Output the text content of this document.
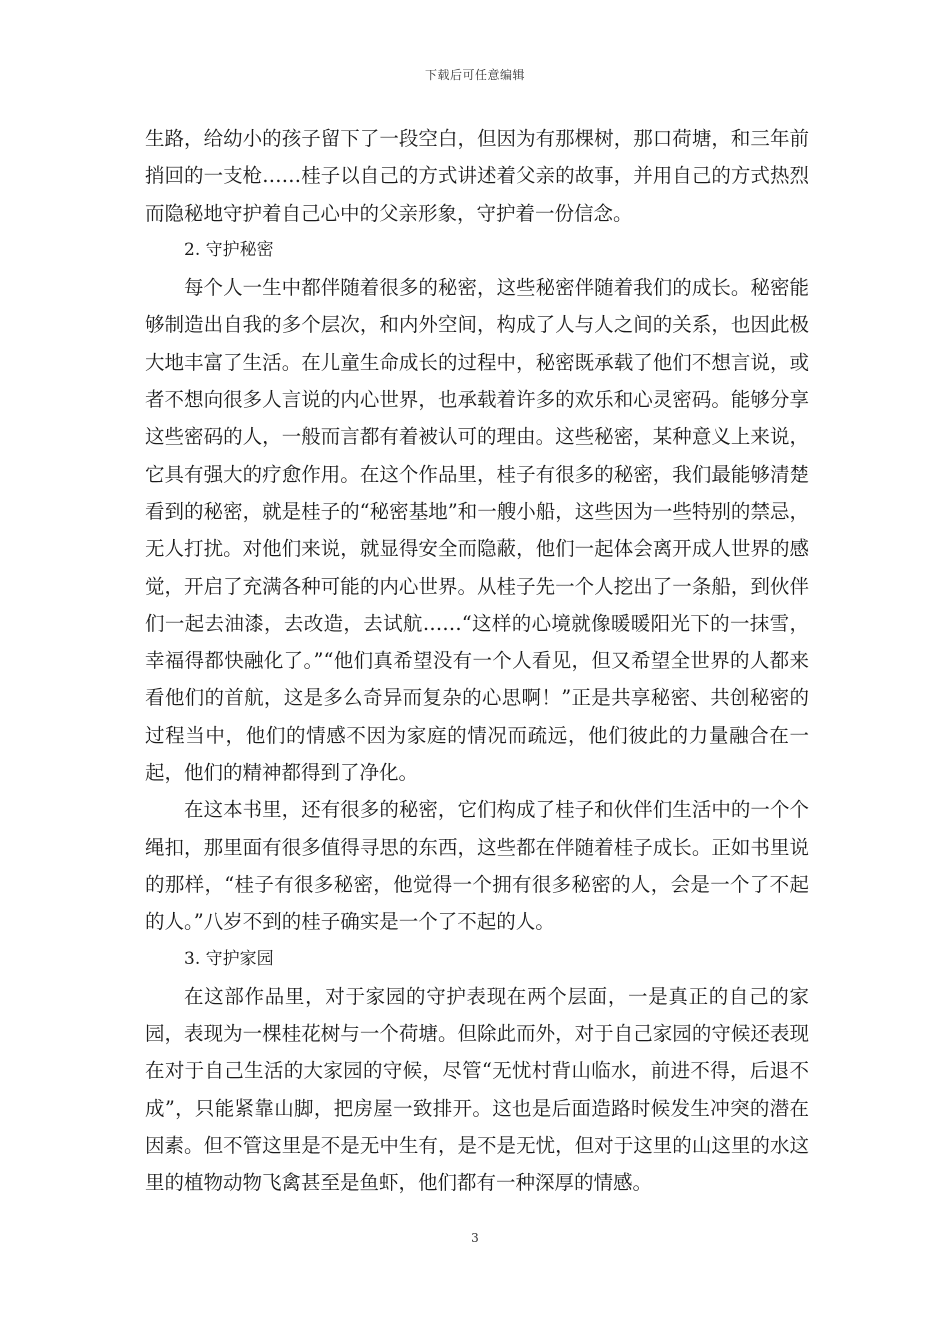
下载后可任意编辑

生路，给幼小的孩子留下了一段空白，但因为有那棵树，那口荷塘，和三年前捎回的一支枪……桂子以自己的方式讲述着父亲的故事，并用自己的方式热烈而隐秘地守护着自己心中的父亲形象，守护着一份信念。

2. 守护秘密

每个人一生中都伴随着很多的秘密，这些秘密伴随着我们的成长。秘密能够制造出自我的多个层次，和内外空间，构成了人与人之间的关系，也因此极大地丰富了生活。在儿童生命成长的过程中，秘密既承载了他们不想言说，或者不想向很多人言说的内心世界，也承载着许多的欢乐和心灵密码。能够分享这些密码的人，一般而言都有着被认可的理由。这些秘密，某种意义上来说，它具有强大的疗愈作用。在这个作品里，桂子有很多的秘密，我们最能够清楚看到的秘密，就是桂子的“秘密基地”和一艘小船，这些因为一些特别的禁忌，无人打扰。对他们来说，就显得安全而隐蔽，他们一起体会离开成人世界的感觉，开启了充满各种可能的内心世界。从桂子先一个人挖出了一条船，到伙伴们一起去油漆，去改造，去试航……“这样的心境就像暖暖阳光下的一抹雪，幸福得都快融化了。”“他们真希望没有一个人看见，但又希望全世界的人都来看他们的首航，这是多么奇异而复杂的心思啊！”正是共享秘密、共创秘密的过程当中，他们的情感不因为家庭的情况而疏远，他们彼此的力量融合在一起，他们的精神都得到了净化。

在这本书里，还有很多的秘密，它们构成了桂子和伙伴们生活中的一个个绳扣，那里面有很多值得寻思的东西，这些都在伴随着桂子成长。正如书里说的那样，“桂子有很多秘密，他觉得一个拥有很多秘密的人，会是一个了不起的人。”八岁不到的桂子确实是一个了不起的人。

3. 守护家园

在这部作品里，对于家园的守护表现在两个层面，一是真正的自己的家园，表现为一棵桂花树与一个荷塘。但除此而外，对于自己家园的守候还表现在对于自己生活的大家园的守候，尽管“无忧村背山临水，前进不得，后退不成”，只能紧靠山脚，把房屋一致排开。这也是后面造路时候发生冲突的潜在因素。但不管这里是不是无中生有，是不是无忧，但对于这里的山这里的水这里的植物动物飞禽甚至是鱼虾，他们都有一种深厚的情感。

3
